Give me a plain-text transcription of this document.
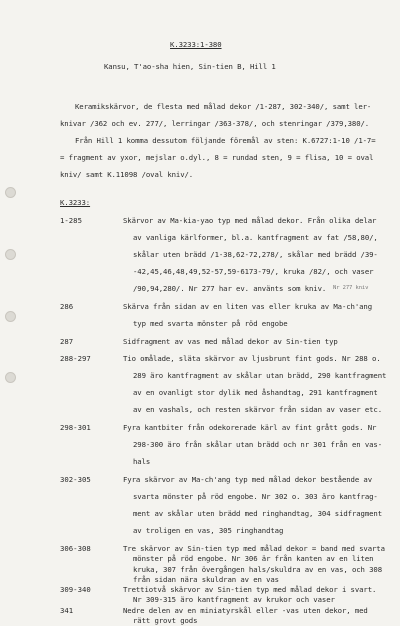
K.3233:1-380
Kansu, T'ao-sha hien, Sin-tien B, Hill 1
Keramikskärvor, de flesta med målad dekor /1-287, 302-340/, samt ler-
knivar /362 och ev. 277/, lerringar /363-378/, och stenringar /379,380/.
Från Hill 1 komma dessutom följande föremål av sten: K.6727:1-10 /1-7=
= fragment av yxor, mejslar o.dyl., 8 = rundad sten, 9 = flisa, 10 = oval
kniv/ samt K.11098 /oval kniv/.
K.3233:
1-285	Skärvor av Ma-kia-yao typ med målad dekor. Från olika delar
av vanliga kärlformer, bl.a. kantfragment av fat /58,80/,
skålar uten brädd /1-38,62-72,278/, skålar med brädd /39-
-42,45,46,48,49,52-57,59-6173-79/, kruka /82/, och vaser
/90,94,280/. Nr 277 har ev. använts som kniv. Nr 277 kniv
286	Skärva från sidan av en liten vas eller kruka av Ma-ch'ang
typ med svarta mönster på röd engobe
287	Sidfragment av vas med målad dekor av Sin-tien typ
288-297	Tio omålade, släta skärvor av ljusbrunt fint gods. Nr 288 o.
289 äro kantfragment av skålar utan brädd, 290 kantfragment
av en ovanligt stor dylik med åshandtag, 291 kantfragment
av en vashals, och resten skärvor från sidan av vaser etc.
298-301	Fyra kantbiter från odekorerade kärl av fint grått gods. Nr
298-300 äro från skålar utan brädd och nr 301 från en vas-
hals
302-305	Fyra skärvor av Ma-ch'ang typ med målad dekor bestående av
svarta mönster på röd engobe. Nr 302 o. 303 äro kantfrag-
ment av skålar uten brädd med ringhandtag, 304 sidfragment
av troligen en vas, 305 ringhandtag
306-308	Tre skärvor av Sin-tien typ med målad dekor = band med svarta
mönster på röd engobe. Nr 306 är från kanten av en liten
kruka, 307 från övergången hals/skuldra av en vas, och 308
från sidan nära skuldran av en vas
309-340	Trettiotvå skärvor av Sin-tien typ med målad dekor i svart.
Nr 309-315 äro kantfragment av krukor och vaser
341	Nedre delen av en miniatyrskål eller -vas uten dekor, med
rätt grovt gods
